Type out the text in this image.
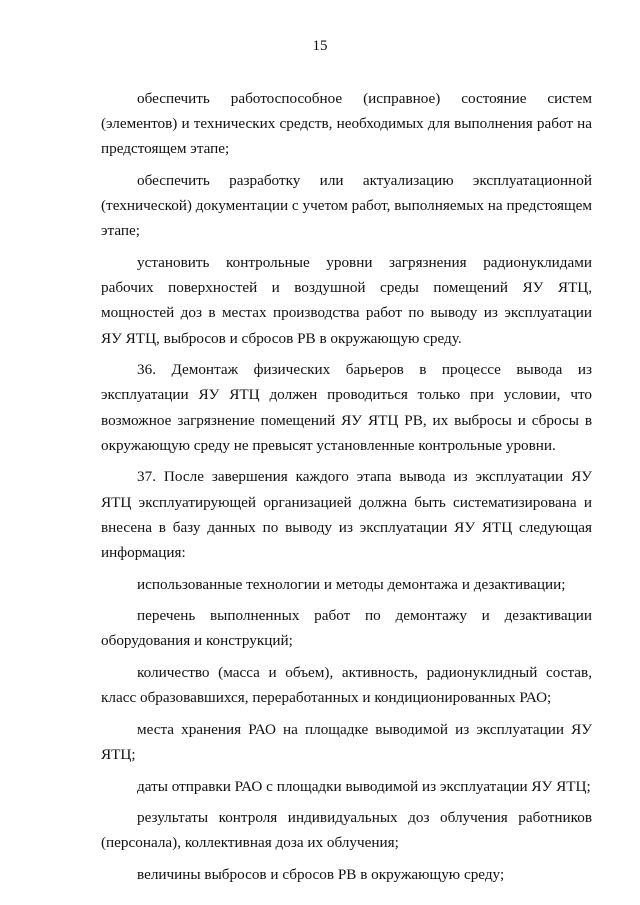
15

обеспечить работоспособное (исправное) состояние систем (элементов) и технических средств, необходимых для выполнения работ на предстоящем этапе;

обеспечить разработку или актуализацию эксплуатационной (технической) документации с учетом работ, выполняемых на предстоящем этапе;

установить контрольные уровни загрязнения радионуклидами рабочих поверхностей и воздушной среды помещений ЯУ ЯТЦ, мощностей доз в местах производства работ по выводу из эксплуатации ЯУ ЯТЦ, выбросов и сбросов РВ в окружающую среду.

36. Демонтаж физических барьеров в процессе вывода из эксплуатации ЯУ ЯТЦ должен проводиться только при условии, что возможное загрязнение помещений ЯУ ЯТЦ РВ, их выбросы и сбросы в окружающую среду не превысят установленные контрольные уровни.

37. После завершения каждого этапа вывода из эксплуатации ЯУ ЯТЦ эксплуатирующей организацией должна быть систематизирована и внесена в базу данных по выводу из эксплуатации ЯУ ЯТЦ следующая информация:

использованные технологии и методы демонтажа и дезактивации;

перечень выполненных работ по демонтажу и дезактивации оборудования и конструкций;

количество (масса и объем), активность, радионуклидный состав, класс образовавшихся, переработанных и кондиционированных РАО;

места хранения РАО на площадке выводимой из эксплуатации ЯУ ЯТЦ;

даты отправки РАО с площадки выводимой из эксплуатации ЯУ ЯТЦ;

результаты контроля индивидуальных доз облучения работников (персонала), коллективная доза их облучения;

величины выбросов и сбросов РВ в окружающую среду;
